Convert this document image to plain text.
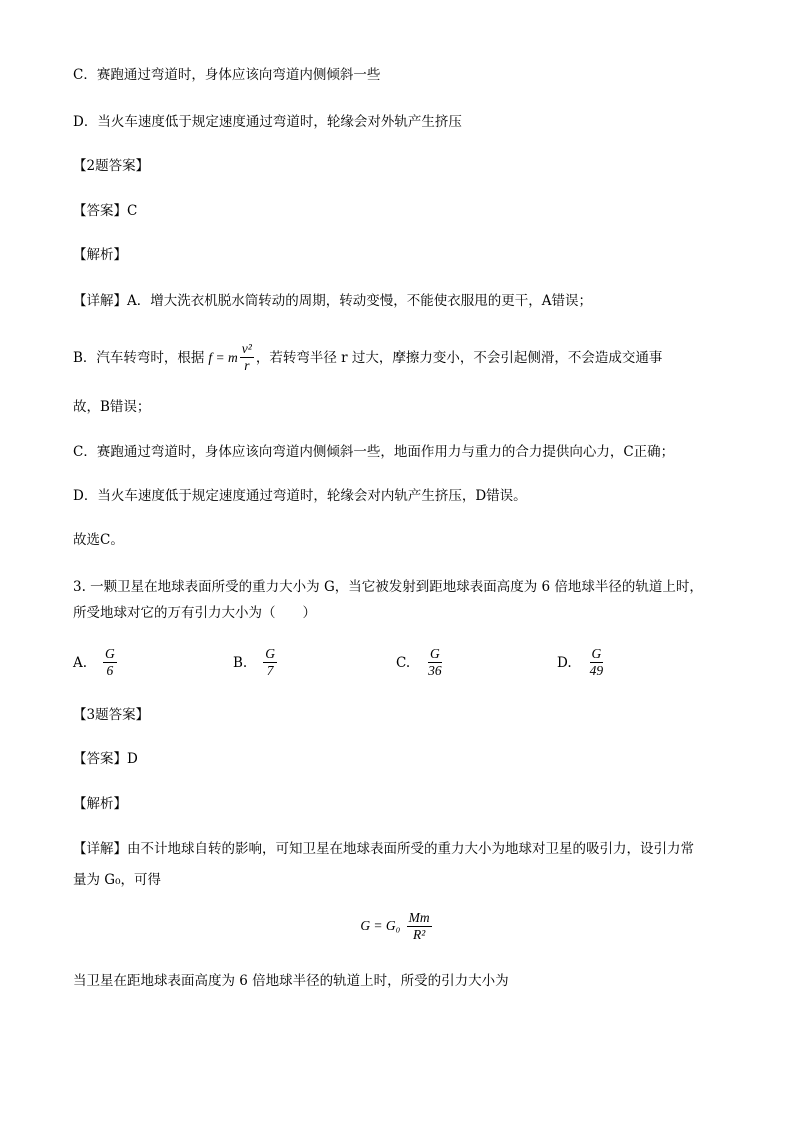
C．赛跑通过弯道时，身体应该向弯道内侧倾斜一些
D．当火车速度低于规定速度通过弯道时，轮缘会对外轨产生挤压
【2题答案】
【答案】C
【解析】
【详解】A．增大洗衣机脱水筒转动的周期，转动变慢，不能使衣服甩的更干，A错误；
B．汽车转弯时，根据 f = m $\frac{\text{v²}}{r}$ ，若转弯半径 r 过大，摩擦力变小，不会引起侧滑，不会造成交通事
故，B错误；
C．赛跑通过弯道时，身体应该向弯道内侧倾斜一些，地面作用力与重力的合力提供向心力，C正确；
D．当火车速度低于规定速度通过弯道时，轮缘会对内轨产生挤压，D错误。
故选C。
3. 一颗卫星在地球表面所受的重力大小为 G，当它被发射到距地球表面高度为 6 倍地球半径的轨道上时，
所受地球对它的万有引力大小为（　　）
A. $\frac{G}{6}$	B. $\frac{G}{7}$	C. $\frac{G}{36}$	D. $\frac{G}{49}$
【3题答案】
【答案】D
【解析】
【详解】由不计地球自转的影响，可知卫星在地球表面所受的重力大小为地球对卫星的吸引力，设引力常
量为 G₀，可得
$G = G_0 \frac{Mm}{\text{R²}}$
当卫星在距地球表面高度为 6 倍地球半径的轨道上时，所受的引力大小为
